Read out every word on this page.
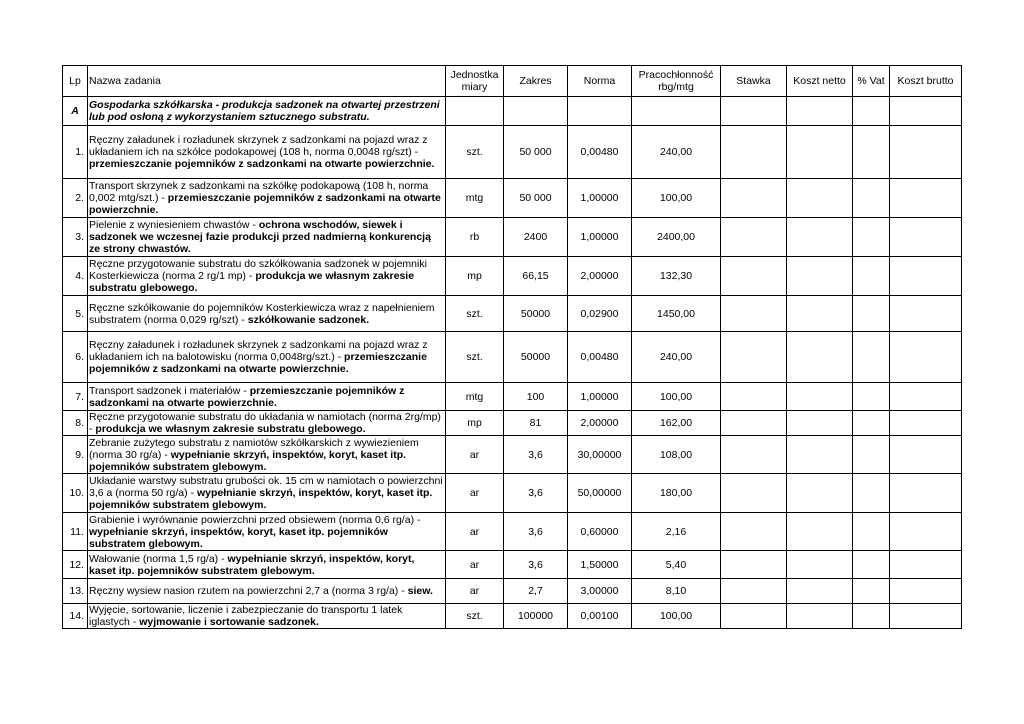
Lp	Nazwa zadania	Jednostka miary	Zakres	Norma	Pracochłonność rbg/mtg	Stawka	Koszt netto	% Vat	Koszt brutto
A	Gospodarka szkółkarska - produkcja sadzonek na otwartej przestrzeni lub pod osłoną z wykorzystaniem sztucznego substratu.								
1.	Ręczny załadunek i rozładunek skrzynek z sadzonkami na pojazd wraz z układaniem ich na szkółce podokapowej (108 h, norma 0,0048 rg/szt) - przemieszczanie pojemników z sadzonkami na otwarte powierzchnie.	szt.	50 000	0,00480	240,00				
2.	Transport skrzynek z sadzonkami na szkółkę podokapową (108 h, norma 0,002 mtg/szt.) - przemieszczanie pojemników z sadzonkami na otwarte powierzchnie.	mtg	50 000	1,00000	100,00				
3.	Pielenie z wyniesieniem chwastów - ochrona wschodów, siewek i sadzonek we wczesnej fazie produkcji przed nadmierną konkurencją ze strony chwastów.	rb	2400	1,00000	2400,00				
4.	Ręczne przygotowanie substratu do szkółkowania sadzonek w pojemniki Kosterkiewicza (norma 2 rg/1 mp) - produkcja we własnym zakresie substratu glebowego.	mp	66,15	2,00000	132,30				
5.	Ręczne szkółkowanie do pojemników Kosterkiewicza wraz z napełnieniem substratem (norma 0,029 rg/szt) - szkółkowanie sadzonek.	szt.	50000	0,02900	1450,00				
6.	Ręczny załadunek i rozładunek skrzynek z sadzonkami na pojazd wraz z układaniem ich na balotowisku (norma 0,0048rg/szt.) - przemieszczanie pojemników z sadzonkami na otwarte powierzchnie.	szt.	50000	0,00480	240,00				
7.	Transport sadzonek i materiałów - przemieszczanie pojemników z sadzonkami na otwarte powierzchnie.	mtg	100	1,00000	100,00				
8.	Ręczne przygotowanie substratu do układania w namiotach (norma 2rg/mp) - produkcja we własnym zakresie substratu glebowego.	mp	81	2,00000	162,00				
9.	Zebranie zużytego substratu z namiotów szkółkarskich z wywiezieniem (norma 30 rg/a) - wypełnianie skrzyń, inspektów, koryt, kaset itp. pojemników substratem glebowym.	ar	3,6	30,00000	108,00				
10.	Układanie warstwy substratu grubości ok. 15 cm w namiotach o powierzchni 3,6 a (norma 50 rg/a) - wypełnianie skrzyń, inspektów, koryt, kaset itp. pojemników substratem glebowym.	ar	3,6	50,00000	180,00				
11.	Grabienie i wyrównanie powierzchni przed obsiewem (norma 0,6 rg/a) - wypełnianie skrzyń, inspektów, koryt, kaset itp. pojemników substratem glebowym.	ar	3,6	0,60000	2,16				
12.	Wałowanie (norma 1,5 rg/a) - wypełnianie skrzyń, inspektów, koryt, kaset itp. pojemników substratem glebowym.	ar	3,6	1,50000	5,40				
13.	Ręczny wysiew nasion rzutem na powierzchni 2,7 a (norma 3 rg/a) - siew.	ar	2,7	3,00000	8,10				
14.	Wyjęcie, sortowanie, liczenie i zabezpieczanie do transportu 1 latek iglastych - wyjmowanie i sortowanie sadzonek.	szt.	100000	0,00100	100,00				
